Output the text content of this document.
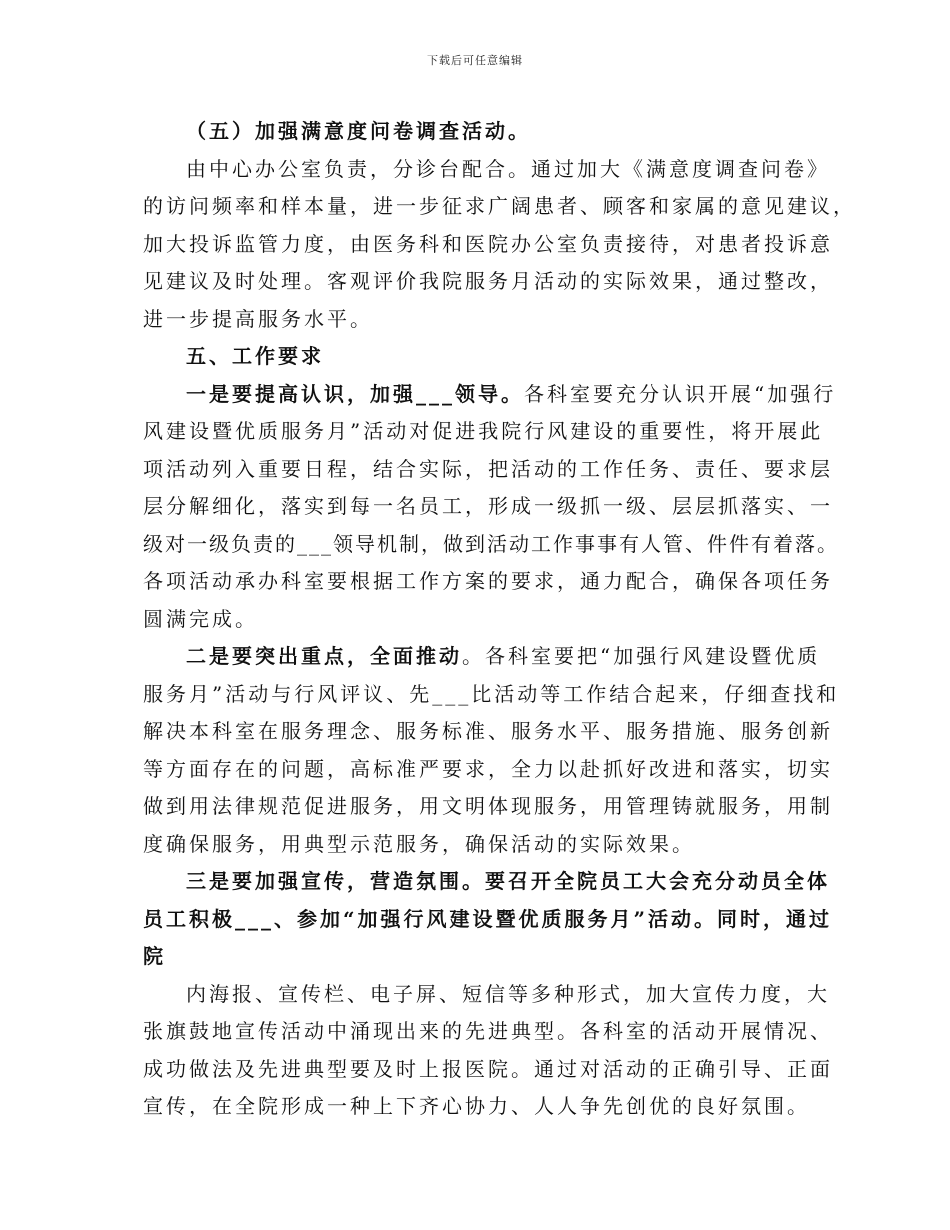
下载后可任意编辑

（五）加强满意度问卷调查活动。

由中心办公室负责，分诊台配合。通过加大《满意度调查问卷》

的访问频率和样本量，进一步征求广阔患者、顾客和家属的意见建议，

加大投诉监管力度，由医务科和医院办公室负责接待，对患者投诉意

见建议及时处理。客观评价我院服务月活动的实际效果，通过整改，

进一步提高服务水平。

五、工作要求

一是要提高认识，加强___领导。各科室要充分认识开展“加强行

风建设暨优质服务月”活动对促进我院行风建设的重要性，将开展此

项活动列入重要日程，结合实际，把活动的工作任务、责任、要求层

层分解细化，落实到每一名员工，形成一级抓一级、层层抓落实、一

级对一级负责的___领导机制，做到活动工作事事有人管、件件有着落。

各项活动承办科室要根据工作方案的要求，通力配合，确保各项任务

圆满完成。

二是要突出重点，全面推动。各科室要把“加强行风建设暨优质

服务月”活动与行风评议、先___比活动等工作结合起来，仔细查找和

解决本科室在服务理念、服务标准、服务水平、服务措施、服务创新

等方面存在的问题，高标准严要求，全力以赴抓好改进和落实，切实

做到用法律规范促进服务，用文明体现服务，用管理铸就服务，用制

度确保服务，用典型示范服务，确保活动的实际效果。

三是要加强宣传，营造氛围。要召开全院员工大会充分动员全体

员工积极___、参加“加强行风建设暨优质服务月”活动。同时，通过

院

内海报、宣传栏、电子屏、短信等多种形式，加大宣传力度，大

张旗鼓地宣传活动中涌现出来的先进典型。各科室的活动开展情况、

成功做法及先进典型要及时上报医院。通过对活动的正确引导、正面

宣传，在全院形成一种上下齐心协力、人人争先创优的良好氛围。
